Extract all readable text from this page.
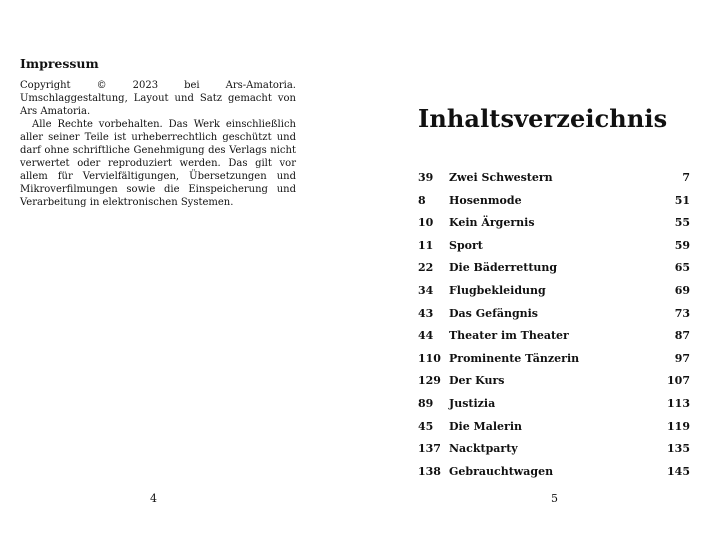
Impressum

Copyright © 2023 bei Ars-Amatoria. Umschlaggestaltung, Layout und Satz gemacht von Ars Amatoria.

Alle Rechte vorbehalten. Das Werk einschließlich aller seiner Teile ist urheberrechtlich geschützt und darf ohne schriftliche Genehmigung des Verlags nicht verwertet oder reproduziert werden. Das gilt vor allem für Vervielfältigungen, Übersetzungen und Mikroverfilmungen sowie die Einspeicherung und Verarbeitung in elektronischen Systemen.

4
Inhaltsverzeichnis
39	Zwei Schwestern	7
8	Hosenmode	51
10	Kein Ärgernis	55
11	Sport	59
22	Die Bäderrettung	65
34	Flugbekleidung	69
43	Das Gefängnis	73
44	Theater im Theater	87
110 Prominente Tänzerin	97
129 Der Kurs	107
89	Justizia	113
45	Die Malerin	119
137 Nacktparty	135
138 Gebrauchtwagen	145
5
